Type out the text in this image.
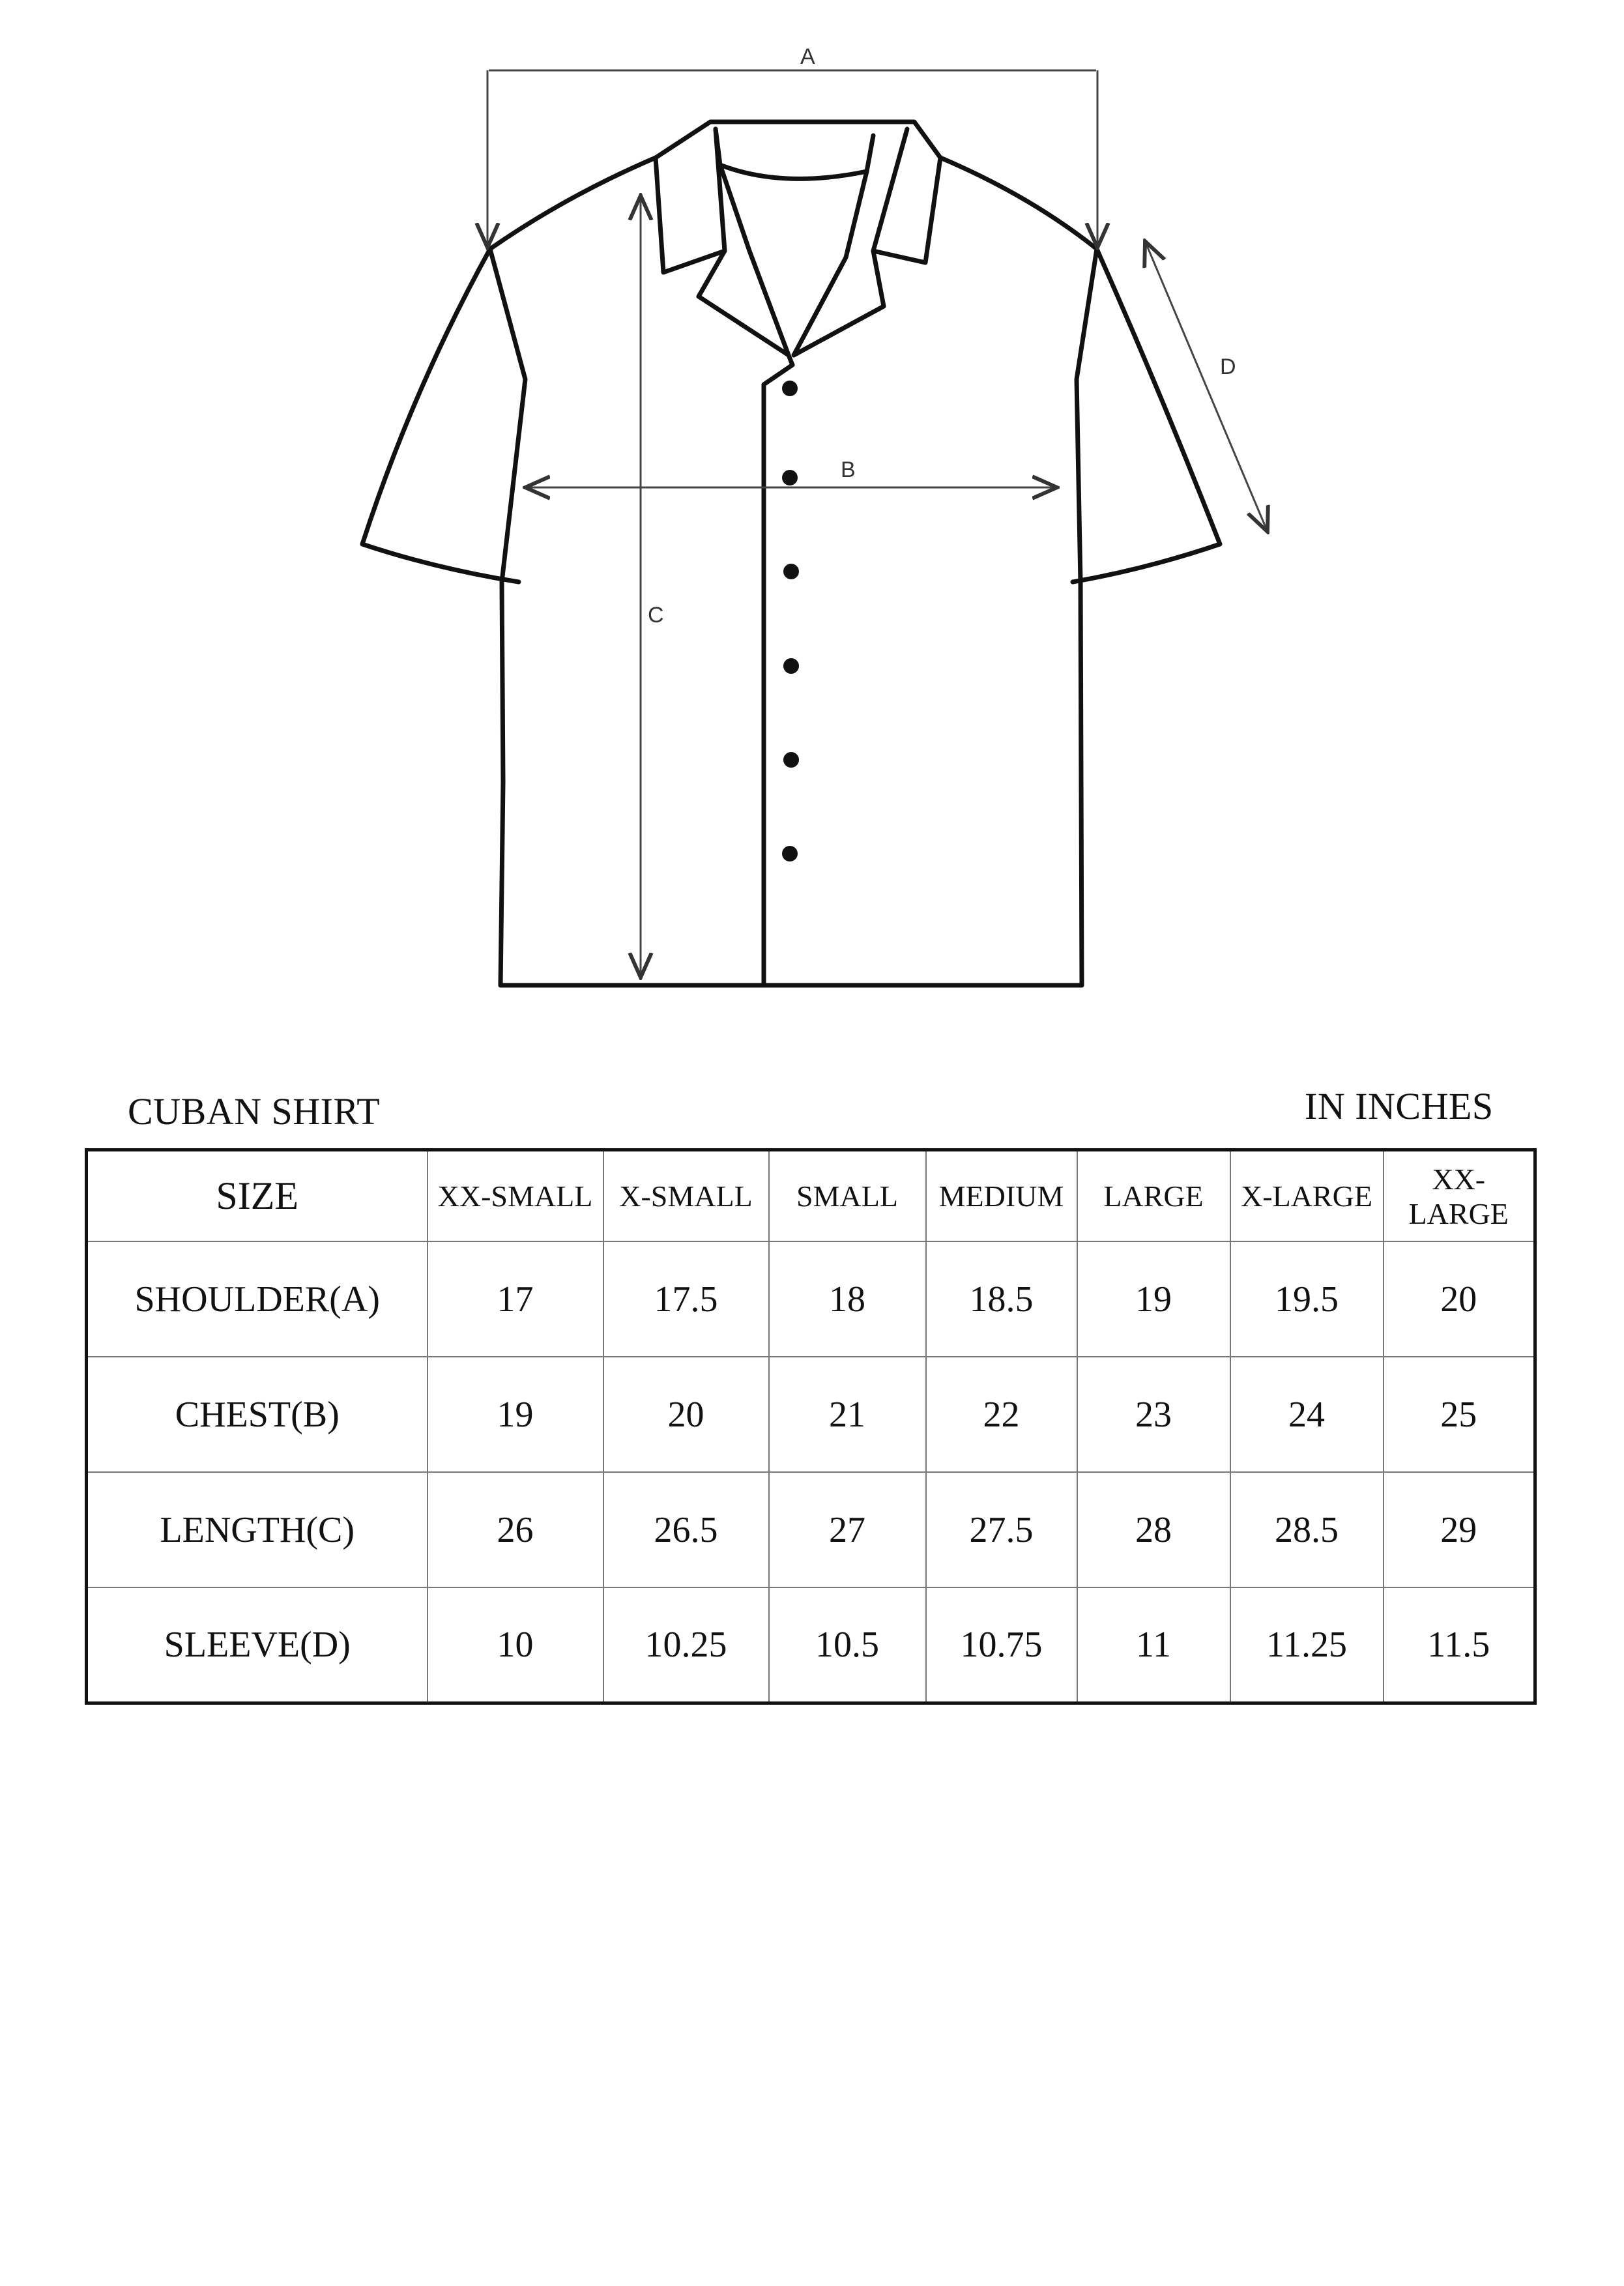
A
B
C
D
CUBAN SHIRT	IN INCHES
SIZE	XX-SMALL	X-SMALL	SMALL	MEDIUM	LARGE	X-LARGE	XX-LARGE
SHOULDER(A)	17	17.5	18	18.5	19	19.5	20
CHEST(B)	19	20	21	22	23	24	25
LENGTH(C)	26	26.5	27	27.5	28	28.5	29
SLEEVE(D)	10	10.25	10.5	10.75	11	11.25	11.5
